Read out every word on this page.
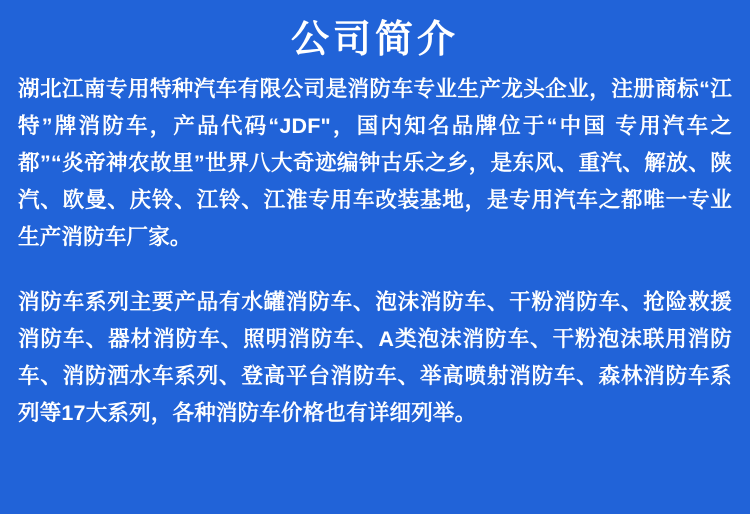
公司简介

湖北江南专用特种汽车有限公司是消防车专业生产龙头企业，注册商标“江特”牌消防车，产品代码“JDF"，国内知名品牌位于“中国 专用汽车之都”“炎帝神农故里”世界八大奇迹编钟古乐之乡，是东风、重汽、解放、陕汽、欧曼、庆铃、江铃、江淮专用车改装基地，是专用汽车之都唯一专业生产消防车厂家。

消防车系列主要产品有水罐消防车、泡沫消防车、干粉消防车、抢险救援消防车、器材消防车、照明消防车、A类泡沫消防车、干粉泡沫联用消防车、消防洒水车系列、登高平台消防车、举高喷射消防车、森林消防车系列等17大系列，各种消防车价格也有详细列举。
